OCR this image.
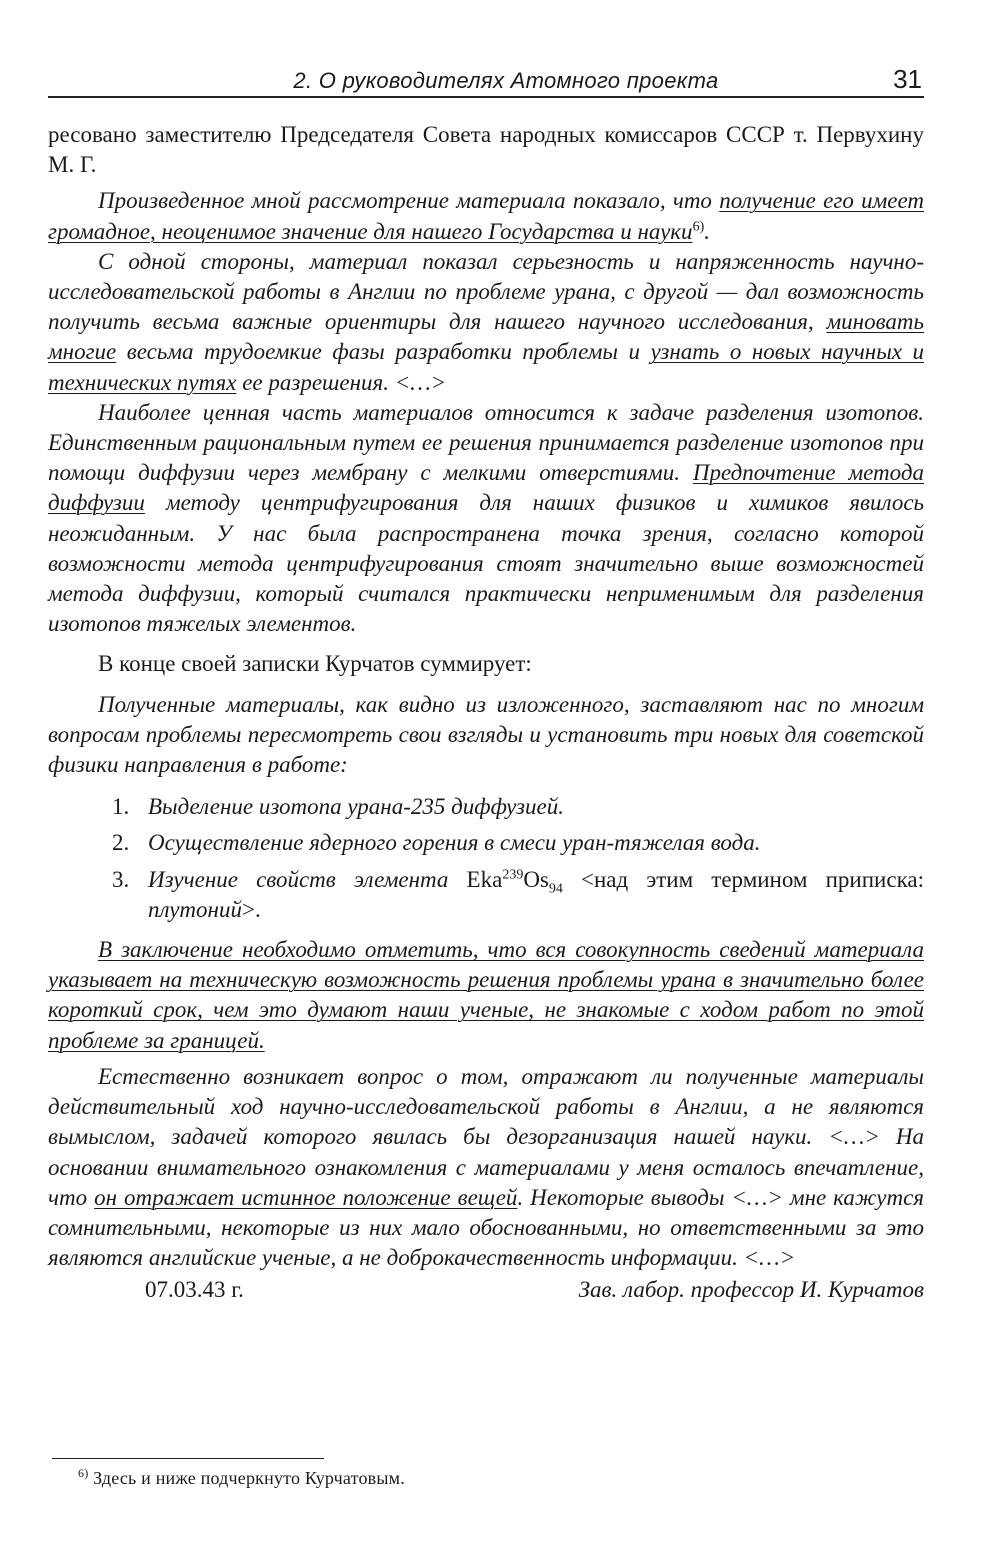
2. О руководителях Атомного проекта	31

ресовано заместителю Председателя Совета народных комиссаров СССР т. Первухину М. Г.

Произведенное мной рассмотрение материала показало, что получение его имеет громадное, неоценимое значение для нашего Государства и науки$^{6)}$.

С одной стороны, материал показал серьезность и напряженность научно-исследовательской работы в Англии по проблеме урана, с другой — дал возможность получить весьма важные ориентиры для нашего научного исследования, миновать многие весьма трудоемкие фазы разработки проблемы и узнать о новых научных и технических путях ее разрешения. <…>

Наиболее ценная часть материалов относится к задаче разделения изотопов. Единственным рациональным путем ее решения принимается разделение изотопов при помощи диффузии через мембрану с мелкими отверстиями. Предпочтение метода диффузии методу центрифугирования для наших физиков и химиков явилось неожиданным. У нас была распространена точка зрения, согласно которой возможности метода центрифугирования стоят значительно выше возможностей метода диффузии, который считался практически неприменимым для разделения изотопов тяжелых элементов.

В конце своей записки Курчатов суммирует:

Полученные материалы, как видно из изложенного, заставляют нас по многим вопросам проблемы пересмотреть свои взгляды и установить три новых для советской физики направления в работе:

1. Выделение изотопа урана-235 диффузией.
2. Осуществление ядерного горения в смеси уран-тяжелая вода.
3. Изучение свойств элемента $Eka^{239}Os_{94} <над$ этим термином приписка: плутоний>.

В заключение необходимо отметить, что вся совокупность сведений материала указывает на техническую возможность решения проблемы урана в значительно более короткий срок, чем это думают наши ученые, не знакомые с ходом работ по этой проблеме за границей.

Естественно возникает вопрос о том, отражают ли полученные материалы действительный ход научно-исследовательской работы в Англии, а не являются вымыслом, задачей которого явилась бы дезорганизация нашей науки. <…> На основании внимательного ознакомления с материалами у меня осталось впечатление, что он отражает истинное положение вещей. Некоторые выводы <…> мне кажутся сомнительными, некоторые из них мало обоснованными, но ответственными за это являются английские ученые, а не доброкачественность информации. <…>

07.03.43 г.	Зав. лабор. профессор И. Курчатов
$^{6)}$ Здесь и ниже подчеркнуто Курчатовым.
